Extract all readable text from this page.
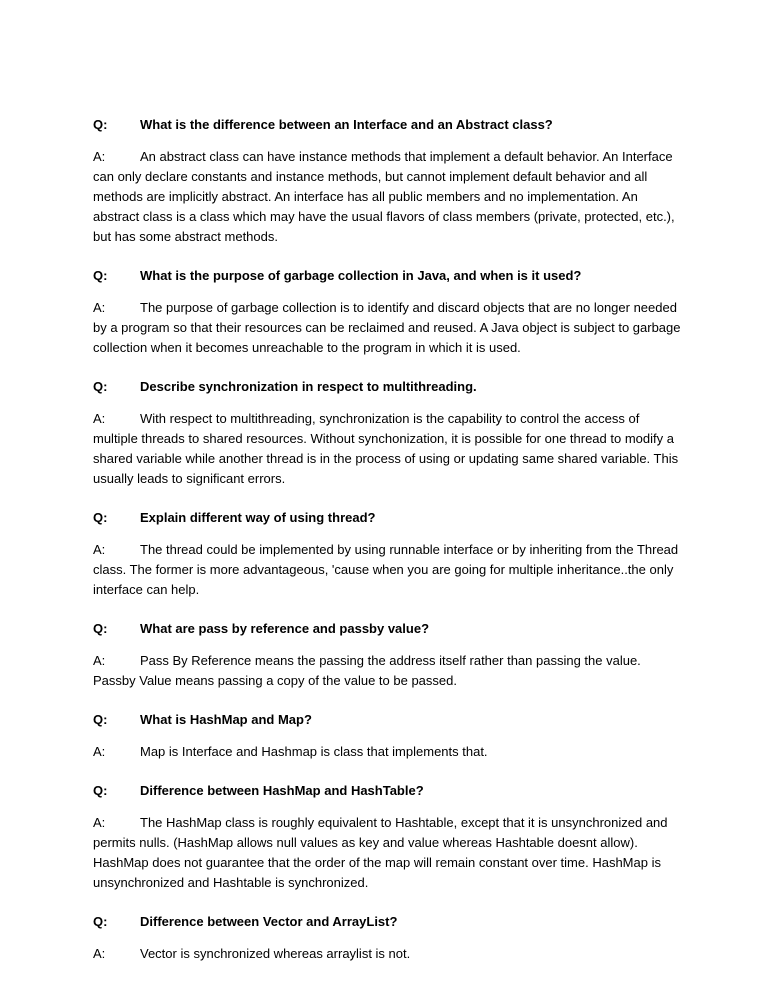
Q:	What is the difference between an Interface and an Abstract class?

A:	An abstract class can have instance methods that implement a default behavior. An Interface can only declare constants and instance methods, but cannot implement default behavior and all methods are implicitly abstract. An interface has all public members and no implementation. An abstract class is a class which may have the usual flavors of class members (private, protected, etc.), but has some abstract methods.

Q:	What is the purpose of garbage collection in Java, and when is it used?

A:	The purpose of garbage collection is to identify and discard objects that are no longer needed by a program so that their resources can be reclaimed and reused. A Java object is subject to garbage collection when it becomes unreachable to the program in which it is used.

Q:	Describe synchronization in respect to multithreading.

A:	With respect to multithreading, synchronization is the capability to control the access of multiple threads to shared resources. Without synchonization, it is possible for one thread to modify a shared variable while another thread is in the process of using or updating same shared variable. This usually leads to significant errors.

Q:	Explain different way of using thread?

A:	The thread could be implemented by using runnable interface or by inheriting from the Thread class. The former is more advantageous, 'cause when you are going for multiple inheritance..the only interface can help.

Q:	What are pass by reference and passby value?

A:	Pass By Reference means the passing the address itself rather than passing the value. Passby Value means passing a copy of the value to be passed.

Q:	What is HashMap and Map?

A:	Map is Interface and Hashmap is class that implements that.

Q:	Difference between HashMap and HashTable?

A:	The HashMap class is roughly equivalent to Hashtable, except that it is unsynchronized and permits nulls. (HashMap allows null values as key and value whereas Hashtable doesnt allow). HashMap does not guarantee that the order of the map will remain constant over time. HashMap is unsynchronized and Hashtable is synchronized.

Q:	Difference between Vector and ArrayList?

A:	Vector is synchronized whereas arraylist is not.
